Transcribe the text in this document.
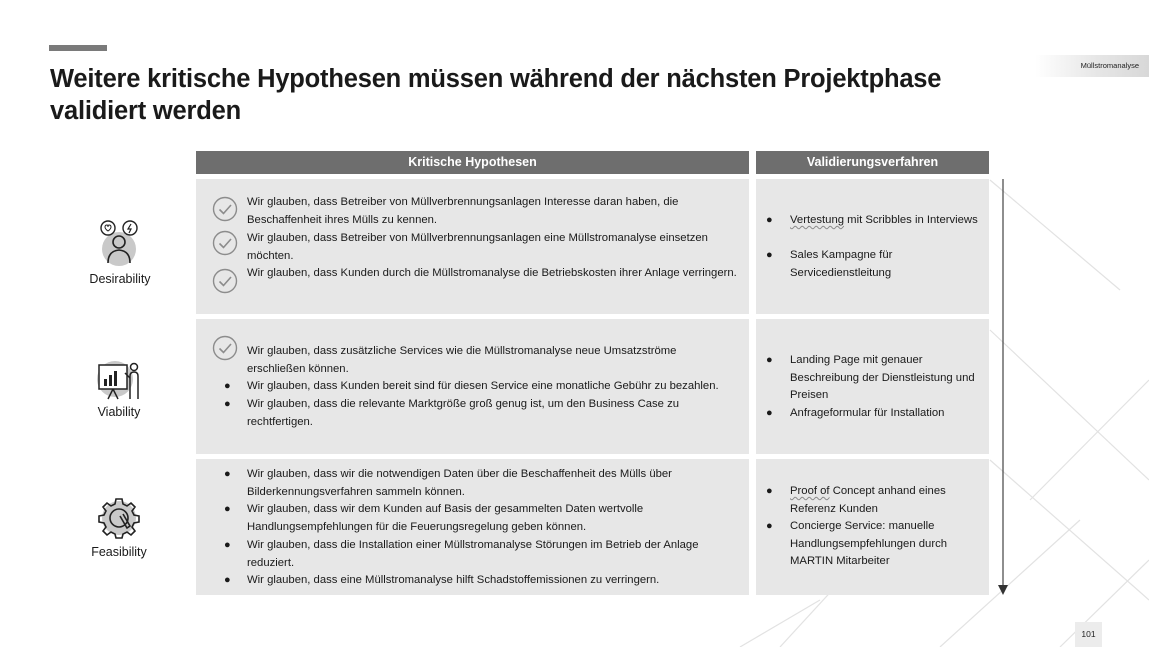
Weitere kritische Hypothesen müssen während der nächsten Projektphase validiert werden
Müllstromanalyse
Kritische Hypothesen	Validierungsverfahren
Desirability
Wir glauben, dass Betreiber von Müllverbrennungsanlagen Interesse daran haben, die Beschaffenheit ihres Mülls zu kennen.
Wir glauben, dass Betreiber von Müllverbrennungsanlagen eine Müllstromanalyse einsetzen möchten.
Wir glauben, dass Kunden durch die Müllstromanalyse die Betriebskosten ihrer Anlage verringern.
● Vertestung mit Scribbles in Interviews
● Sales Kampagne für Servicedienstleitung
Viability
Wir glauben, dass zusätzliche Services wie die Müllstromanalyse neue Umsatzströme erschließen können.
● Wir glauben, dass Kunden bereit sind für diesen Service eine monatliche Gebühr zu bezahlen.
● Wir glauben, dass die relevante Marktgröße groß genug ist, um den Business Case zu rechtfertigen.
● Landing Page mit genauer Beschreibung der Dienstleistung und Preisen
● Anfrageformular für Installation
Feasibility
● Wir glauben, dass wir die notwendigen Daten über die Beschaffenheit des Mülls über Bilderkennungsverfahren sammeln können.
● Wir glauben, dass wir dem Kunden auf Basis der gesammelten Daten wertvolle Handlungsempfehlungen für die Feuerungsregelung geben können.
● Wir glauben, dass die Installation einer Müllstromanalyse Störungen im Betrieb der Anlage reduziert.
● Wir glauben, dass eine Müllstromanalyse hilft Schadstoffemissionen zu verringern.
● Proof of Concept anhand eines Referenz Kunden
● Concierge Service: manuelle Handlungsempfehlungen durch MARTIN Mitarbeiter
101
